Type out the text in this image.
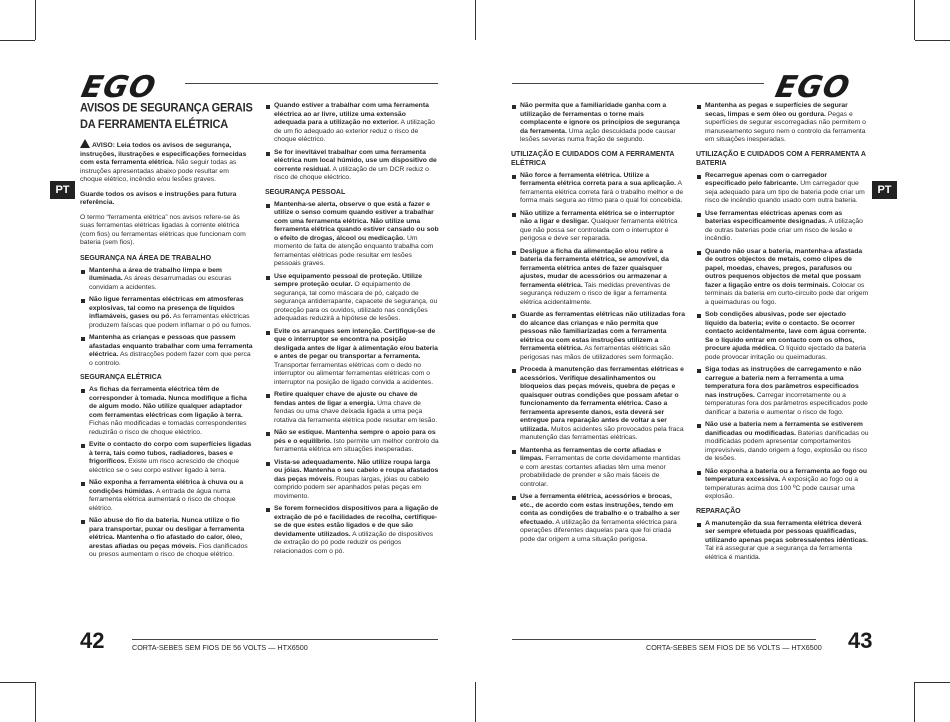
EGO	EGO
PT	PT
AVISOS DE SEGURANÇA GERAIS DA FERRAMENTA ELÉTRICA

AVISO: Leia todos os avisos de segurança, instruções, ilustrações e especificações fornecidas com esta ferramenta elétrica. Não seguir todas as instruções apresentadas abaixo pode resultar em choque elétrico, incêndio e/ou lesões graves.

Guarde todos os avisos e instruções para futura referência.

O termo “ferramenta elétrica” nos avisos refere-se às suas ferramentas elétricas ligadas à corrente elétrica (com fios) ou ferramentas elétricas que funcionam com bateria (sem fios).

SEGURANÇA NA ÁREA DE TRABALHO
Mantenha a área de trabalho limpa e bem iluminada. As áreas desarrumadas ou escuras convidam a acidentes.
Não ligue ferramentas eléctricas em atmosferas explosivas, tal como na presença de líquidos inflamáveis, gases ou pó. As ferramentas eléctricas produzem faíscas que podem inflamar o pó ou fumos.
Mantenha as crianças e pessoas que passem afastadas enquanto trabalhar com uma ferramenta eléctrica. As distracções podem fazer com que perca o controlo.
SEGURANÇA ELÉTRICA
As fichas da ferramenta eléctrica têm de corresponder à tomada. Nunca modifique a ficha de algum modo. Não utilize qualquer adaptador com ferramentas eléctricas com ligação à terra. Fichas não modificadas e tomadas correspondentes reduzirão o risco de choque eléctrico.
Evite o contacto do corpo com superfícies ligadas à terra, tais como tubos, radiadores, bases e frigoríficos. Existe um risco acrescido de choque eléctrico se o seu corpo estiver ligado à terra.
Não exponha a ferramenta elétrica à chuva ou a condições húmidas. A entrada de água numa ferramenta elétrica aumentará o risco de choque elétrico.
Não abuse do fio da bateria. Nunca utilize o fio para transportar, puxar ou desligar a ferramenta elétrica. Mantenha o fio afastado do calor, óleo, arestas afiadas ou peças móveis. Fios danificados ou presos aumentam o risco de choque elétrico.
Quando estiver a trabalhar com uma ferramenta eléctrica ao ar livre, utilize uma extensão adequada para a utilização no exterior. A utilização de um fio adequado ao exterior reduz o risco de choque eléctrico.
Se for inevitável trabalhar com uma ferramenta eléctrica num local húmido, use um dispositivo de corrente residual. A utilização de um DCR reduz o risco de choque eléctrico.
SEGURANÇA PESSOAL
Mantenha-se alerta, observe o que está a fazer e utilize o senso comum quando estiver a trabalhar com uma ferramenta elétrica. Não utilize uma ferramenta elétrica quando estiver cansado ou sob o efeito de drogas, álcool ou medicação. Um momento de falta de atenção enquanto trabalha com ferramentas elétricas pode resultar em lesões pessoais graves.
Use equipamento pessoal de proteção. Utilize sempre proteção ocular. O equipamento de segurança, tal como máscara de pó, calçado de segurança antiderrapante, capacete de segurança, ou protecção para os ouvidos, utilizado nas condições adequadas reduzirá a hipótese de lesões.
Evite os arranques sem intenção. Certifique-se de que o interruptor se encontra na posição desligada antes de ligar à alimentação e/ou bateria e antes de pegar ou transportar a ferramenta. Transportar ferramentas elétricas com o dedo no interruptor ou alimentar ferramentas elétricas com o interruptor na posição de ligado convida a acidentes.
Retire qualquer chave de ajuste ou chave de fendas antes de ligar a energia. Uma chave de fendas ou uma chave deixada ligada a uma peça rotativa da ferramenta elétrica pode resultar em lesão.
Não se estique. Mantenha sempre o apoio para os pés e o equilíbrio. Isto permite um melhor controlo da ferramenta elétrica em situações inesperadas.
Vista-se adequadamente. Não utilize roupa larga ou jóias. Mantenha o seu cabelo e roupa afastados das peças móveis. Roupas largas, jóias ou cabelo comprido podem ser apanhados pelas peças em movimento.
Se forem fornecidos dispositivos para a ligação de extração de pó e facilidades de recolha, certifique-se de que estes estão ligados e de que são devidamente utilizados. A utilização de dispositivos de extração do pó pode reduzir os perigos relacionados com o pó.
Não permita que a familiaridade ganha com a utilização de ferramentas o torne mais complacente e ignore os princípios de segurança da ferramenta. Uma ação descuidada pode causar lesões severas numa fração de segundo.
UTILIZAÇÃO E CUIDADOS COM A FERRAMENTA ELÉTRICA
Não force a ferramenta elétrica. Utilize a ferramenta elétrica correta para a sua aplicação. A ferramenta elétrica correta fará o trabalho melhor e de forma mais segura ao ritmo para o qual foi concebida.
Não utilize a ferramenta elétrica se o interruptor não a ligar e desligar. Qualquer ferramenta elétrica que não possa ser controlada com o interruptor é perigosa e deve ser reparada.
Desligue a ficha da alimentação e/ou retire a bateria da ferramenta elétrica, se amovível, da ferramenta elétrica antes de fazer quaisquer ajustes, mudar de acessórios ou armazenar a ferramenta elétrica. Tais medidas preventivas de segurança reduzem o risco de ligar a ferramenta elétrica acidentalmente.
Guarde as ferramentas elétricas não utilizadas fora do alcance das crianças e não permita que pessoas não familiarizadas com a ferramenta elétrica ou com estas instruções utilizem a ferramenta elétrica. As ferramentas elétricas são perigosas nas mãos de utilizadores sem formação.
Proceda à manutenção das ferramentas elétricas e acessórios. Verifique desalinhamentos ou bloqueios das peças móveis, quebra de peças e quaisquer outras condições que possam afetar o funcionamento da ferramenta elétrica. Caso a ferramenta apresente danos, esta deverá ser entregue para reparação antes de voltar a ser utilizada. Muitos acidentes são provocados pela fraca manutenção das ferramentas elétricas.
Mantenha as ferramentas de corte afiadas e limpas. Ferramentas de corte devidamente mantidas e com arestas cortantes afiadas têm uma menor probabilidade de prender e são mais fáceis de controlar.
Use a ferramenta elétrica, acessórios e brocas, etc., de acordo com estas instruções, tendo em conta as condições de trabalho e o trabalho a ser efectuado. A utilização da ferramenta eléctrica para operações diferentes daquelas para que foi criada pode dar origem a uma situação perigosa.
Mantenha as pegas e superfícies de segurar secas, limpas e sem óleo ou gordura. Pegas e superfícies de segurar escorregadias não permitem o manuseamento seguro nem o controlo da ferramenta em situações inesperadas.
UTILIZAÇÃO E CUIDADOS COM A FERRAMENTA A BATERIA
Recarregue apenas com o carregador especificado pelo fabricante. Um carregador que seja adequado para um tipo de bateria pode criar um risco de incêndio quando usado com outra bateria.
Use ferramentas eléctricas apenas com as baterias especificamente designadas. A utilização de outras baterias pode criar um risco de lesão e incêndio.
Quando não usar a bateria, mantenha-a afastada de outros objectos de metais, como clipes de papel, moedas, chaves, pregos, parafusos ou outros pequenos objectos de metal que possam fazer a ligação entre os dois terminais. Colocar os terminais da bateria em curto-circuito pode dar origem a queimaduras ou fogo.
Sob condições abusivas, pode ser ejectado líquido da bateria; evite o contacto. Se ocorrer contacto acidentalmente, lave com água corrente. Se o líquido entrar em contacto com os olhos, procure ajuda médica. O líquido ejectado da bateria pode provocar irritação ou queimaduras.
Siga todas as instruções de carregamento e não carregue a bateria nem a ferramenta a uma temperatura fora dos parâmetros especificados nas instruções. Carregar incorretamente ou a temperaturas fora dos parâmetros especificados pode danificar a bateria e aumentar o risco de fogo.
Não use a bateria nem a ferramenta se estiverem danificadas ou modificadas. Baterias danificadas ou modificadas podem apresentar comportamentos imprevisíveis, dando origem a fogo, explosão ou risco de lesões.
Não exponha a bateria ou a ferramenta ao fogo ou temperatura excessiva. A exposição ao fogo ou a temperaturas acima dos 100 ºC pode causar uma explosão.
REPARAÇÃO
A manutenção da sua ferramenta elétrica deverá ser sempre efetuada por pessoas qualificadas, utilizando apenas peças sobressalentes idênticas. Tal irá assegurar que a segurança da ferramenta elétrica é mantida.
42	CORTA-SEBES SEM FIOS DE 56 VOLTS — HTX6500	CORTA-SEBES SEM FIOS DE 56 VOLTS — HTX6500 43
